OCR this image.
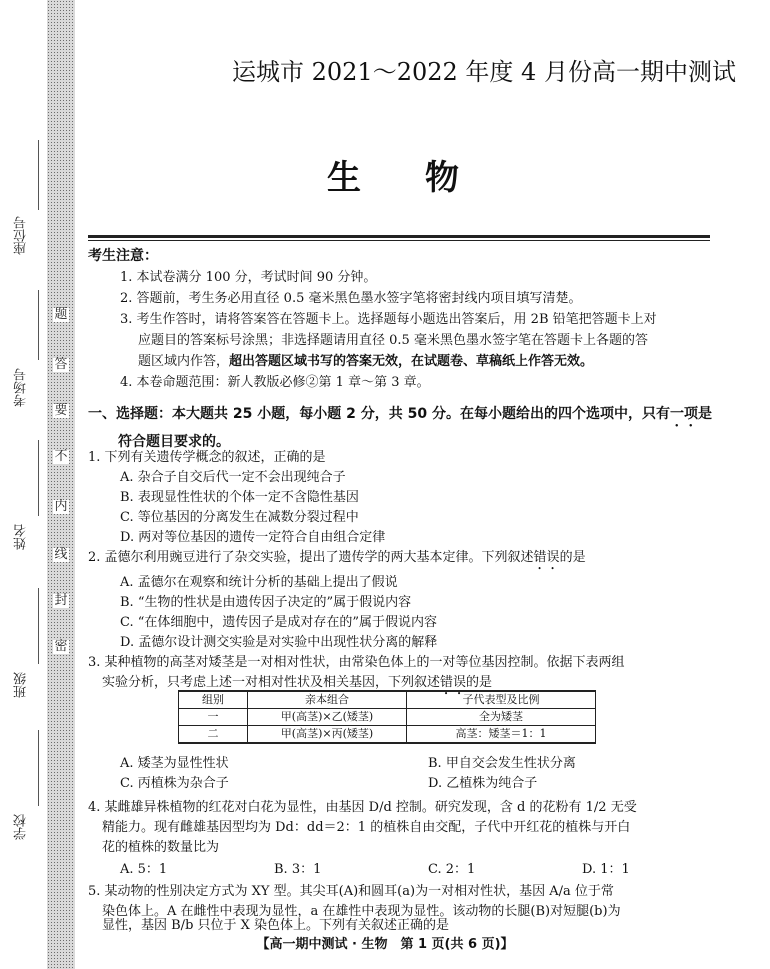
题
答
要
不
内
线
封
密
座位号
考场号
姓名
班级
学校
运城市 2021～2022 年度 4 月份高一期中测试
生物
考生注意：
1. 本试卷满分 100 分，考试时间 90 分钟。
2. 答题前，考生务必用直径 0.5 毫米黑色墨水签字笔将密封线内项目填写清楚。
3. 考生作答时，请将答案答在答题卡上。选择题每小题选出答案后，用 2B 铅笔把答题卡上对
应题目的答案标号涂黑；非选择题请用直径 0.5 毫米黑色墨水签字笔在答题卡上各题的答
题区域内作答，超出答题区域书写的答案无效，在试题卷、草稿纸上作答无效。
4. 本卷命题范围：新人教版必修②第 1 章～第 3 章。
一、选择题：本大题共 25 小题，每小题 2 分，共 50 分。在每小题给出的四个选项中，只有一项是
符合题目要求的。
1. 下列有关遗传学概念的叙述，正确的是
A. 杂合子自交后代一定不会出现纯合子
B. 表现显性性状的个体一定不含隐性基因
C. 等位基因的分离发生在减数分裂过程中
D. 两对等位基因的遗传一定符合自由组合定律
2. 孟德尔利用豌豆进行了杂交实验，提出了遗传学的两大基本定律。下列叙述错误的是
A. 孟德尔在观察和统计分析的基础上提出了假说
B. “生物的性状是由遗传因子决定的”属于假说内容
C. “在体细胞中，遗传因子是成对存在的”属于假说内容
D. 孟德尔设计测交实验是对实验中出现性状分离的解释
3. 某种植物的高茎对矮茎是一对相对性状，由常染色体上的一对等位基因控制。依据下表两组
实验分析，只考虑上述一对相对性状及相关基因，下列叙述错误的是
组别	亲本组合	子代表型及比例
一	甲(高茎)×乙(矮茎)	全为矮茎
二	甲(高茎)×丙(矮茎)	高茎：矮茎＝1：1
A. 矮茎为显性性状	B. 甲自交会发生性状分离
C. 丙植株为杂合子	D. 乙植株为纯合子
4. 某雌雄异株植物的红花对白花为显性，由基因 D/d 控制。研究发现，含 d 的花粉有 1/2 无受
精能力。现有雌雄基因型均为 Dd：dd＝2：1 的植株自由交配，子代中开红花的植株与开白
花的植株的数量比为
A. 5：1	B. 3：1	C. 2：1	D. 1：1
5. 某动物的性别决定方式为 XY 型。其尖耳(A)和圆耳(a)为一对相对性状，基因 A/a 位于常
染色体上。A 在雌性中表现为显性，a 在雄性中表现为显性。该动物的长腿(B)对短腿(b)为
【高一期中测试 · 生物　第 1 页(共 6 页)】
显性，基因 B/b 只位于 X 染色体上。下列有关叙述正确的是
